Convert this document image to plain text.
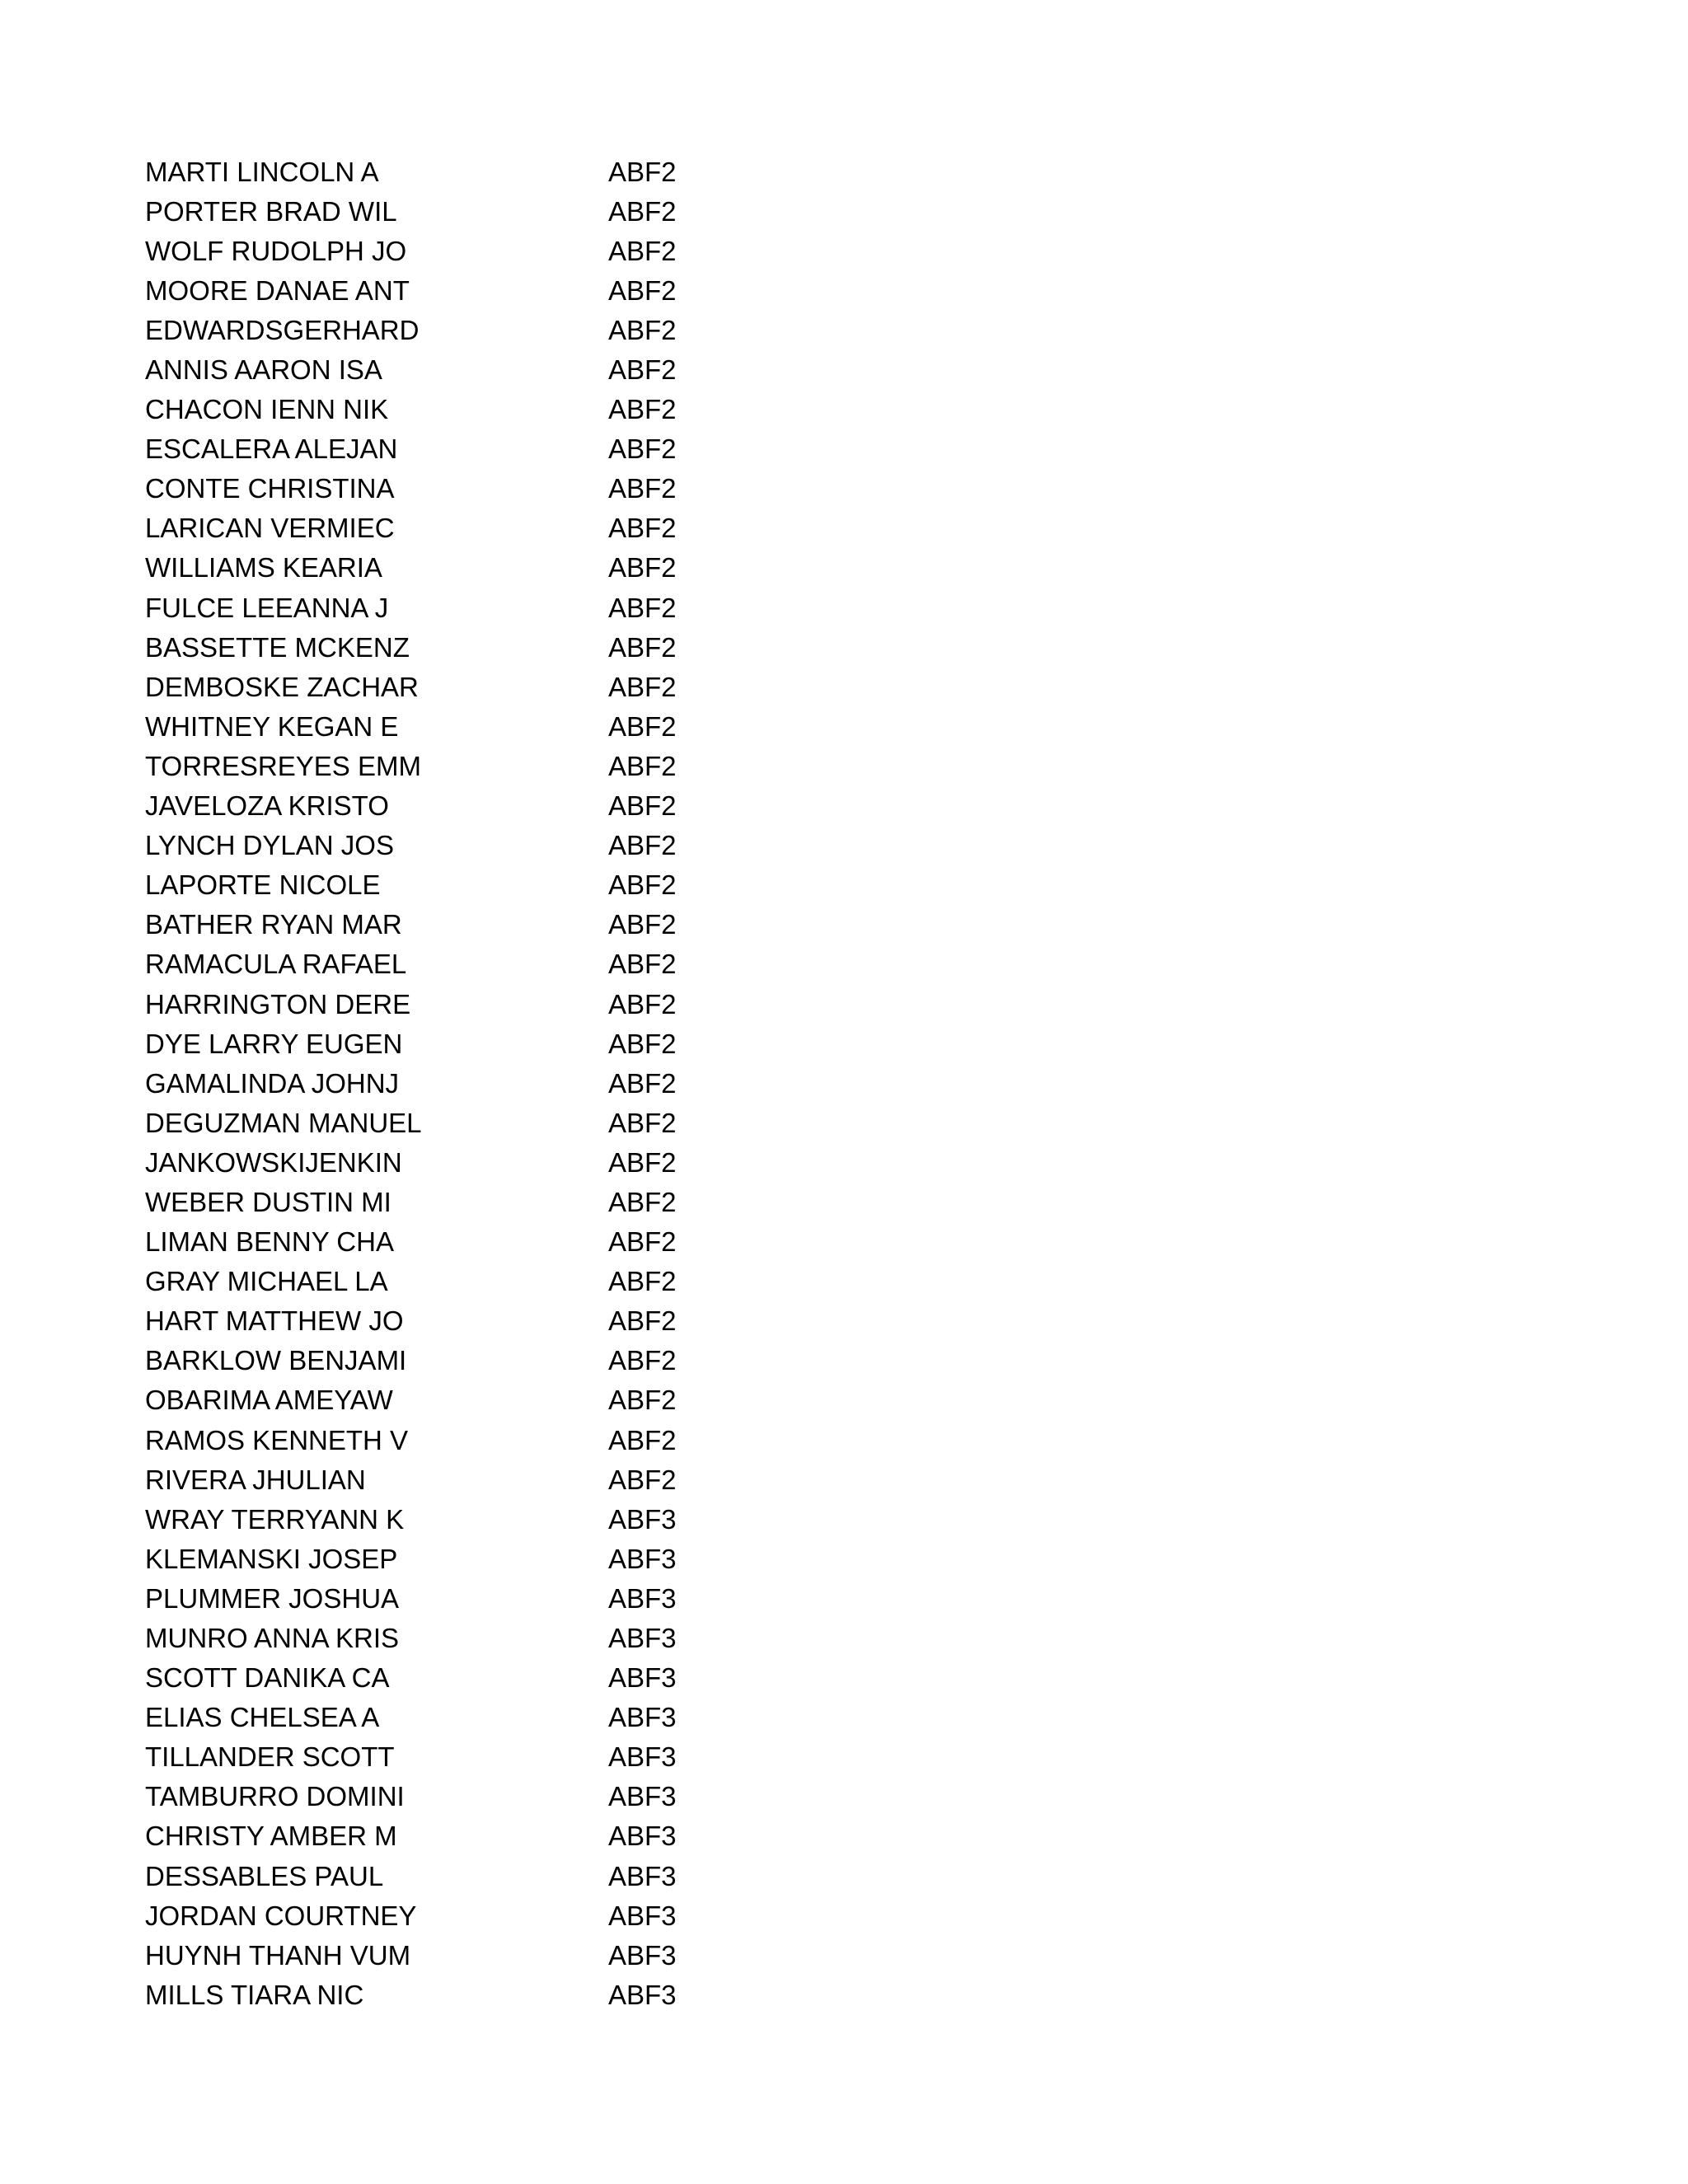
MARTI LINCOLN A	ABF2
PORTER BRAD WIL	ABF2
WOLF RUDOLPH JO	ABF2
MOORE DANAE ANT	ABF2
EDWARDSGERHARD	ABF2
ANNIS AARON ISA	ABF2
CHACON IENN NIK	ABF2
ESCALERA ALEJAN	ABF2
CONTE CHRISTINA	ABF2
LARICAN VERMIEC	ABF2
WILLIAMS KEARIA	ABF2
FULCE LEEANNA J	ABF2
BASSETTE MCKENZ	ABF2
DEMBOSKE ZACHAR	ABF2
WHITNEY KEGAN E	ABF2
TORRESREYES EMM	ABF2
JAVELOZA KRISTO	ABF2
LYNCH DYLAN JOS	ABF2
LAPORTE NICOLE	ABF2
BATHER RYAN MAR	ABF2
RAMACULA RAFAEL	ABF2
HARRINGTON DERE	ABF2
DYE LARRY EUGEN	ABF2
GAMALINDA JOHNJ	ABF2
DEGUZMAN MANUEL	ABF2
JANKOWSKIJENKIN	ABF2
WEBER DUSTIN MI	ABF2
LIMAN BENNY CHA	ABF2
GRAY MICHAEL LA	ABF2
HART MATTHEW JO	ABF2
BARKLOW BENJAMI	ABF2
OBARIMA AMEYAW	ABF2
RAMOS KENNETH V	ABF2
RIVERA JHULIAN	ABF2
WRAY TERRYANN K	ABF3
KLEMANSKI JOSEP	ABF3
PLUMMER JOSHUA	ABF3
MUNRO ANNA KRIS	ABF3
SCOTT DANIKA CA	ABF3
ELIAS CHELSEA A	ABF3
TILLANDER SCOTT	ABF3
TAMBURRO DOMINI	ABF3
CHRISTY AMBER M	ABF3
DESSABLES PAUL	ABF3
JORDAN COURTNEY	ABF3
HUYNH THANH VUM	ABF3
MILLS TIARA NIC	ABF3
